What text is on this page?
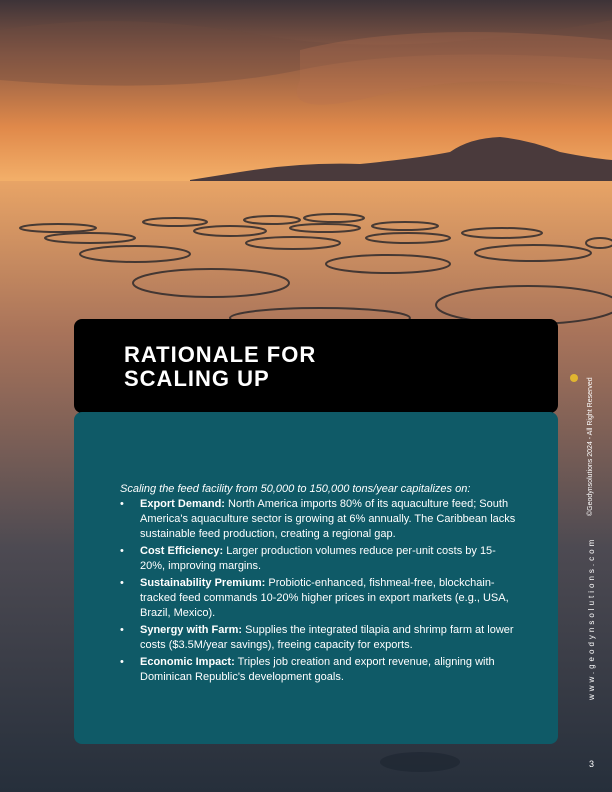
RATIONALE FOR
SCALING UP

Scaling the feed facility from 50,000 to 150,000 tons/year capitalizes on:

• Export Demand: North America imports 80% of its aquaculture feed; South America's aquaculture sector is growing at 6% annually. The Caribbean lacks sustainable feed production, creating a regional gap.
• Cost Efficiency: Larger production volumes reduce per-unit costs by 15-20%, improving margins.
• Sustainability Premium: Probiotic-enhanced, fishmeal-free, blockchain-tracked feed commands 10-20% higher prices in export markets (e.g., USA, Brazil, Mexico).
• Synergy with Farm: Supplies the integrated tilapia and shrimp farm at lower costs ($3.5M/year savings), freeing capacity for exports.
• Economic Impact: Triples job creation and export revenue, aligning with Dominican Republic's development goals.
©Geodynsolutions 2024 - All Right Reserved
www.geodynsolutions.com
3
